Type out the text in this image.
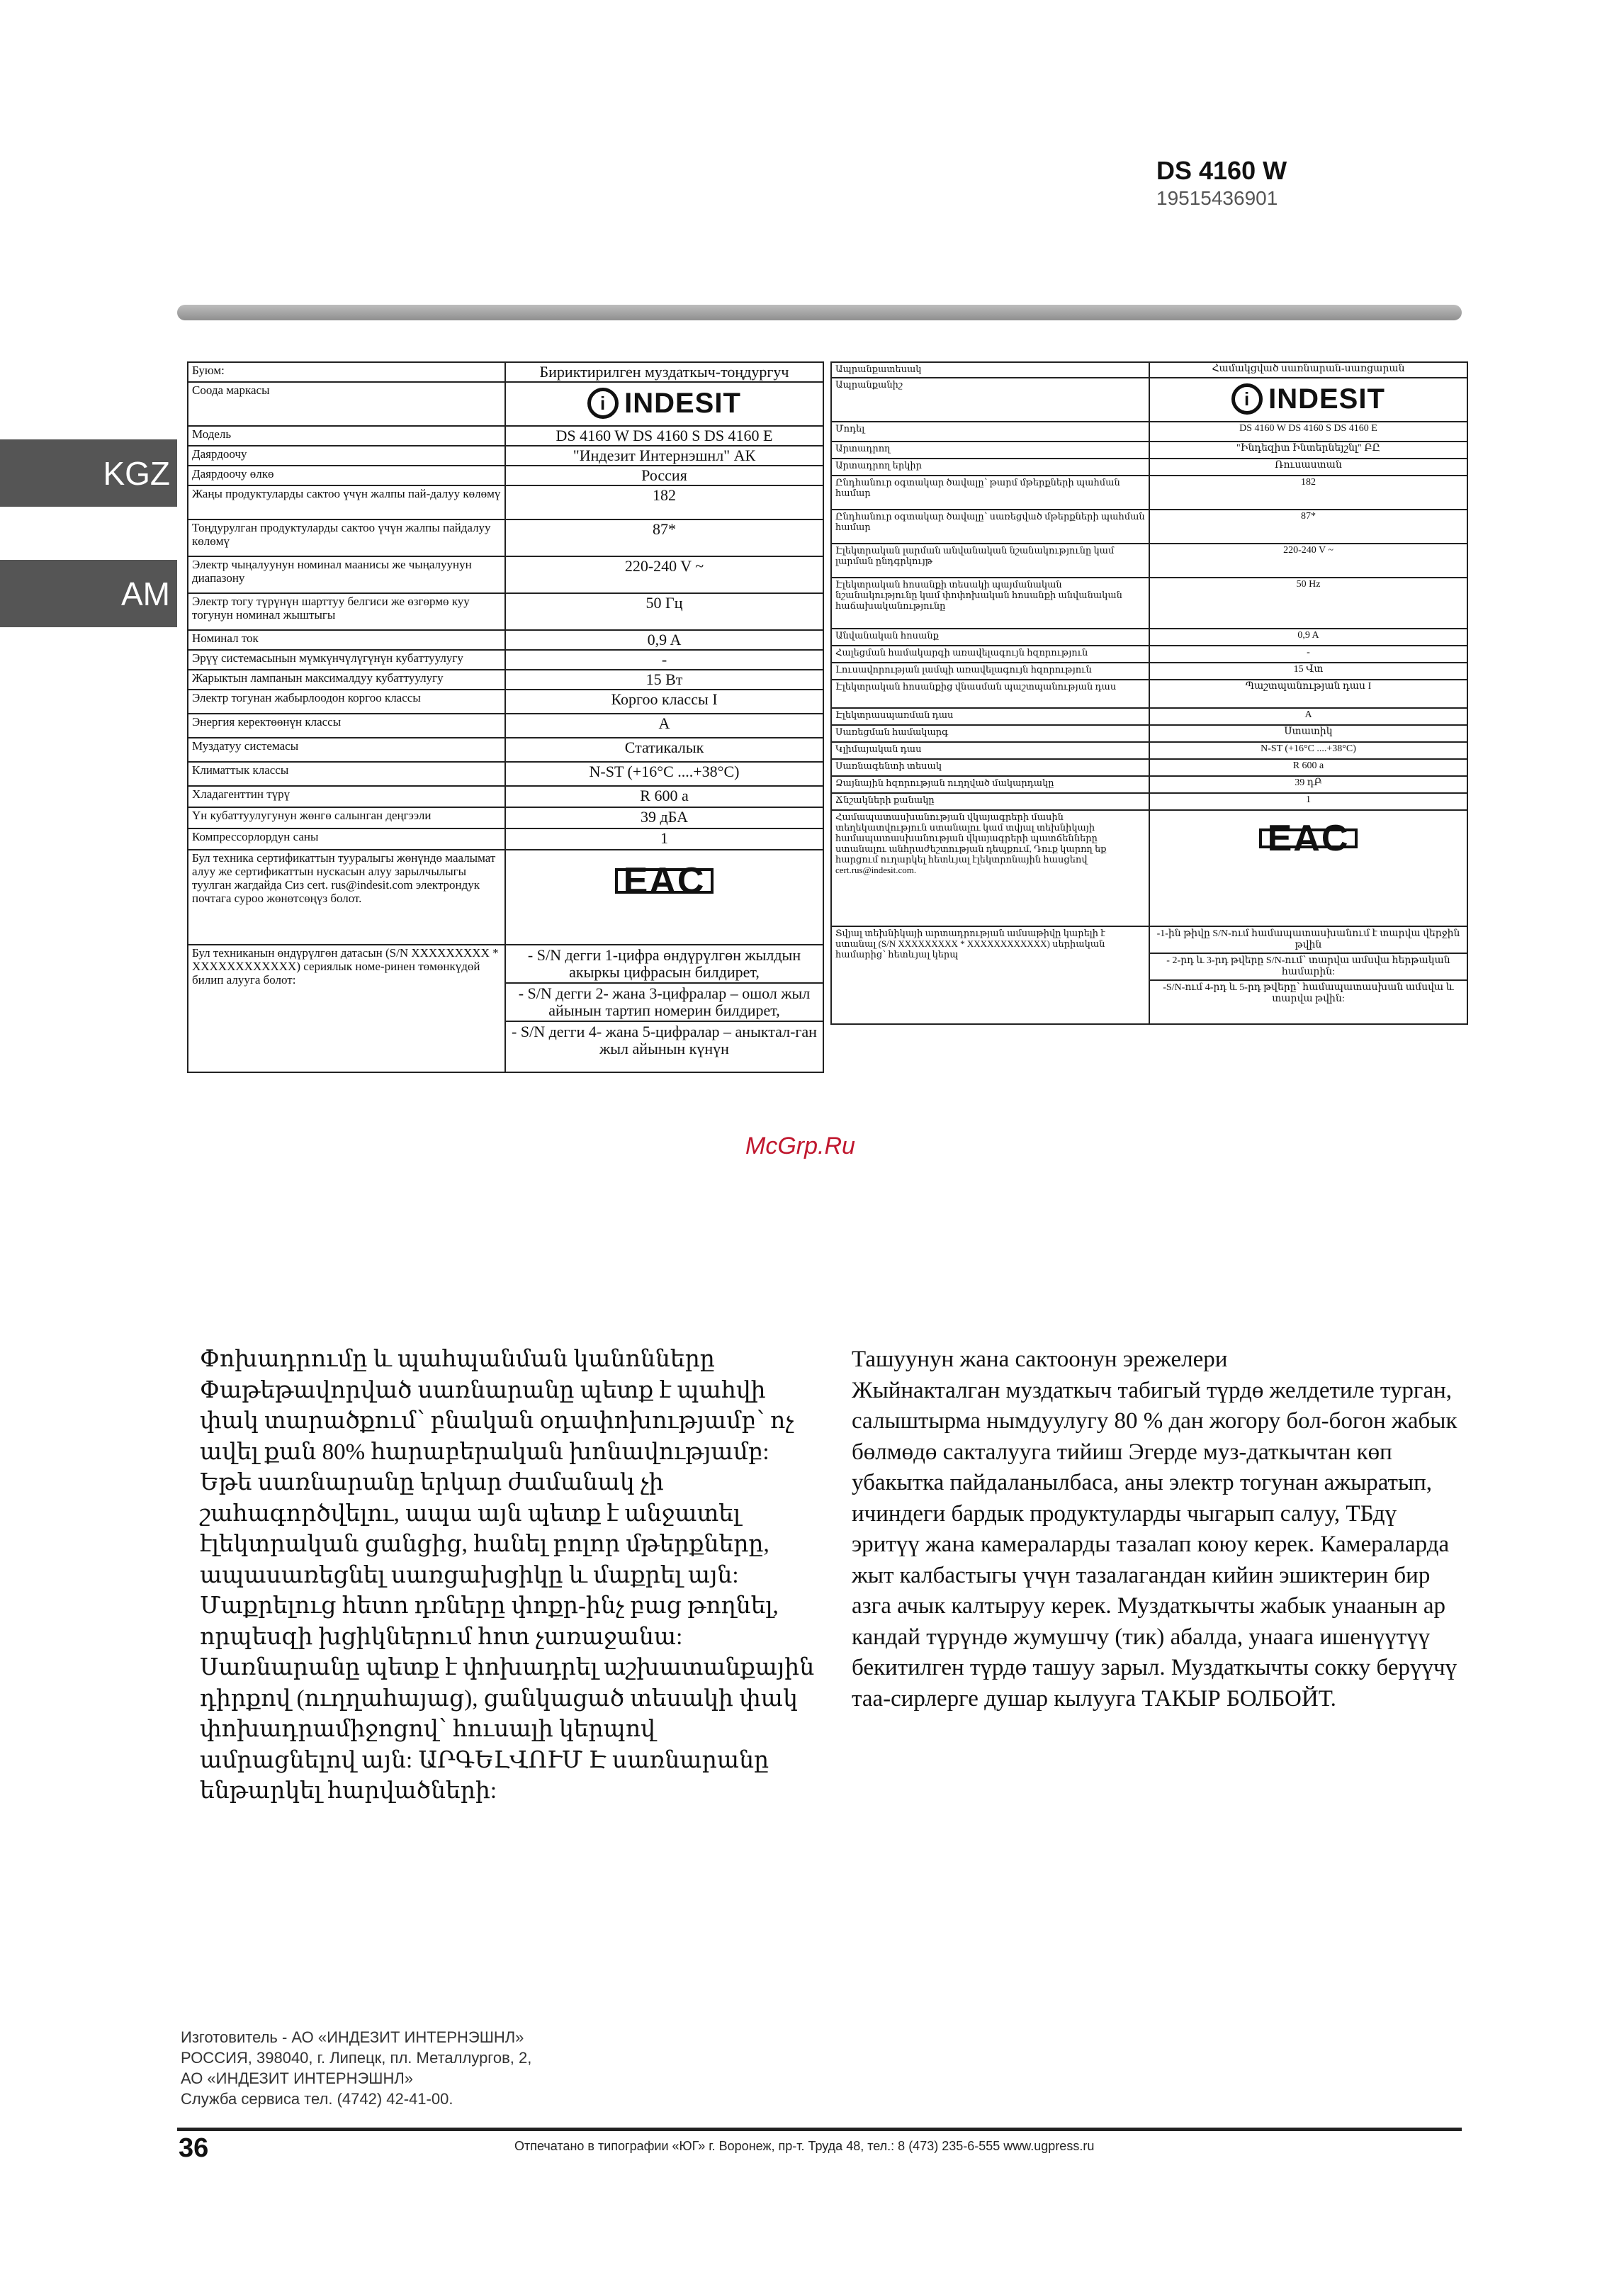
DS 4160 W
19515436901
KGZ
AM
Буюм:	Бириктирилген муздаткыч-тоңдургуч
Соода маркасы	i INDESIT

Модель	DS 4160 W DS 4160 S DS 4160 E
Даярдоочу	"Индезит Интернэшнл" АК
Даярдоочу өлкө	Россия
Жаңы продуктуларды сактоо үчүн жалпы пай-далуу көлөмү	182
Тоңдурулган продуктуларды сактоо үчүн жалпы пайдалуу көлөмү	87*
Электр чыңалуунун номинал маанисы же чыңалуунун диапазону	220-240 V ~
Электр тогу түрүнүн шарттуу белгиси же өзгөрмө куу тогунун номинал жыштыгы	50 Гц
Номинал ток	0,9 A
Эрүү системасынын мүмкүнчүлүгүнүн кубаттуулугу	-
Жарыктын лампанын максималдуу кубаттуулугу	15 Вт
Электр тогунан жабырлоодон коргоо классы	Коргоо классы I
Энергия керектөөнүн классы	A
Муздатуу системасы	Статикалык
Климаттык классы	N-ST (+16°C ....+38°C)
Хладагенттин түрү	R 600 a
Үн кубаттуулугунун жөнгө салынган деңгээли	39 дБА
Компрессорлордун саны	1
Бул техника сертификаттын тууралыгы жөнүндө маалымат алуу же сертификаттын нускасын алуу зарылчылыгы туулган жагдайда Сиз cert. rus@indesit.com электрондук почтага суроо жөнөтсөңүз болот.	EAC
Бул техниканын өндүрүлгөн датасын (S/N XXXXXXXXX * XXXXXXXXXXXX) сериялык номе-ринен төмөнкүдөй билип алууга болот:	- S/N дегги 1-цифра өндүрүлгөн жылдын акыркы цифрасын билдирет,
- S/N дегги 2- жана 3-цифралар – ошол жыл айынын тартип номерин билдирет,
- S/N дегги 4- жана 5-цифралар – аныктал-ган жыл айынын күнүн
Ապրանքատեսակ	Համակցված սառնարան-սառցարան
Ապրանքանիշ	i INDESIT

Մոդել	DS 4160 W DS 4160 S DS 4160 E
Արտադրող	"Ինդեզիտ Ինտերնեյշնլ" ԲԸ
Արտադրող երկիր	Ռուսաստան
Ընդհանուր օգտակար ծավալը՝ թարմ մթերքների պահման համար	182
Ընդհանուր օգտակար ծավալը՝ սառեցված մթերքների պահման համար	87*
Էլեկտրական լարման անվանական նշանակությունը կամ լարման ընդգրկույթ	220-240 V ~
Էլեկտրական հոսանքի տեսակի պայմանական նշանակությունը կամ փոփոխական հոսանքի անվանական հաճախականությունը	50 Hz
Անվանական հոսանք	0,9 A
Հալեցման համակարգի առավելագույն հզորություն	-
Լուսավորության լամպի առավելագույն հզորություն	15 Վտ
Էլեկտրական հոսանքից վնասման պաշտպանության դաս	Պաշտպանության դաս I
Էլեկտրասպառման դաս	A
Սառեցման համակարգ	Ստատիկ
Կլիմայական դաս	N-ST (+16°C ....+38°C)
Սառնագենտի տեսակ	R 600 a
Ձայնային հզորության ուղղված մակարդակը	39 դԲ
Ճնշակների քանակը	1
Համապատասխանության վկայագրերի մասին տեղեկատվություն ստանալու կամ տվյալ տեխնիկայի համապատասխանության վկայագրերի պատճենները ստանալու անհրաժեշտության դեպքում, Դուք կարող եք հարցում ուղարկել հետևյալ էլեկտրոնային հասցեով cert.rus@indesit.com.	EAC
Տվյալ տեխնիկայի արտադրության ամսաթիվը կարելի է ստանալ (S/N XXXXXXXXX * XXXXXXXXXXXX) սերիական համարից՝ հետևյալ կերպ	-1-ին թիվը S/N-ում համապատասխանում է տարվա վերջին թվին
- 2-րդ և 3-րդ թվերը S/N-ում՝ տարվա ամսվա հերթական համարին:
-S/N-ում 4-րդ և 5-րդ թվերը՝ համապատասխան ամսվա և տարվա թվին:
McGrp.Ru
Փոխադրումը և պահպանման կանոնները
Փաթեթավորված սառնարանը պետք է պահվի փակ տարածքում՝ բնական օդափոխությամբ՝ ոչ ավել քան 80% հարաբերական խոնավությամբ: Եթե սառնարանը երկար ժամանակ չի շահագործվելու, ապա այն պետք է անջատել էլեկտրական ցանցից, հանել բոլոր մթերքները, ապասառեցնել սառցախցիկը և մաքրել այն: Մաքրելուց հետո դռները փոքր-ինչ բաց թողնել, որպեսզի խցիկներում հոտ չառաջանա: Սառնարանը պետք է փոխադրել աշխատանքային դիրքով (ուղղահայաց), ցանկացած տեսակի փակ փոխադրամիջոցով՝ հուսալի կերպով ամրացնելով այն: ԱՐԳԵԼՎՈՒՄ Է սառնարանը ենթարկել հարվածների:
Ташуунун жана сактоонун эрежелери
Жыйнакталган муздаткыч табигый түрдө желдетиле турган, салыштырма нымдуулугу 80 % дан жогору бол-богон жабык бөлмөдө сакталууга тийиш Эгерде муз-даткычтан көп убакытка пайдаланылбаса, аны электр тогунан ажыратып, ичиндеги бардык продуктуларды чыгарып салуу, ТБдү эритүү жана камераларды тазалап коюу керек. Камераларда жыт калбастыгы үчүн тазалагандан кийин эшиктерин бир азга ачык калтыруу керек. Муздаткычты жабык унаанын ар кандай түрүндө жумушчу (тик) абалда, унаага ишенүүтүү бекитилген түрдө ташуу зарыл. Муздаткычты сокку берүүчү таа-сирлерге душар кылууга ТАКЫР БОЛБОЙТ.
Изготовитель - АО «ИНДЕЗИТ ИНТЕРНЭШНЛ»
РОССИЯ, 398040, г. Липецк, пл. Металлургов, 2,
АО «ИНДЕЗИТ ИНТЕРНЭШНЛ»
Служба сервиса тел. (4742) 42-41-00.
36	Отпечатано в типографии «ЮГ» г. Воронеж, пр-т. Труда 48, тел.: 8 (473) 235-6-555 www.ugpress.ru
